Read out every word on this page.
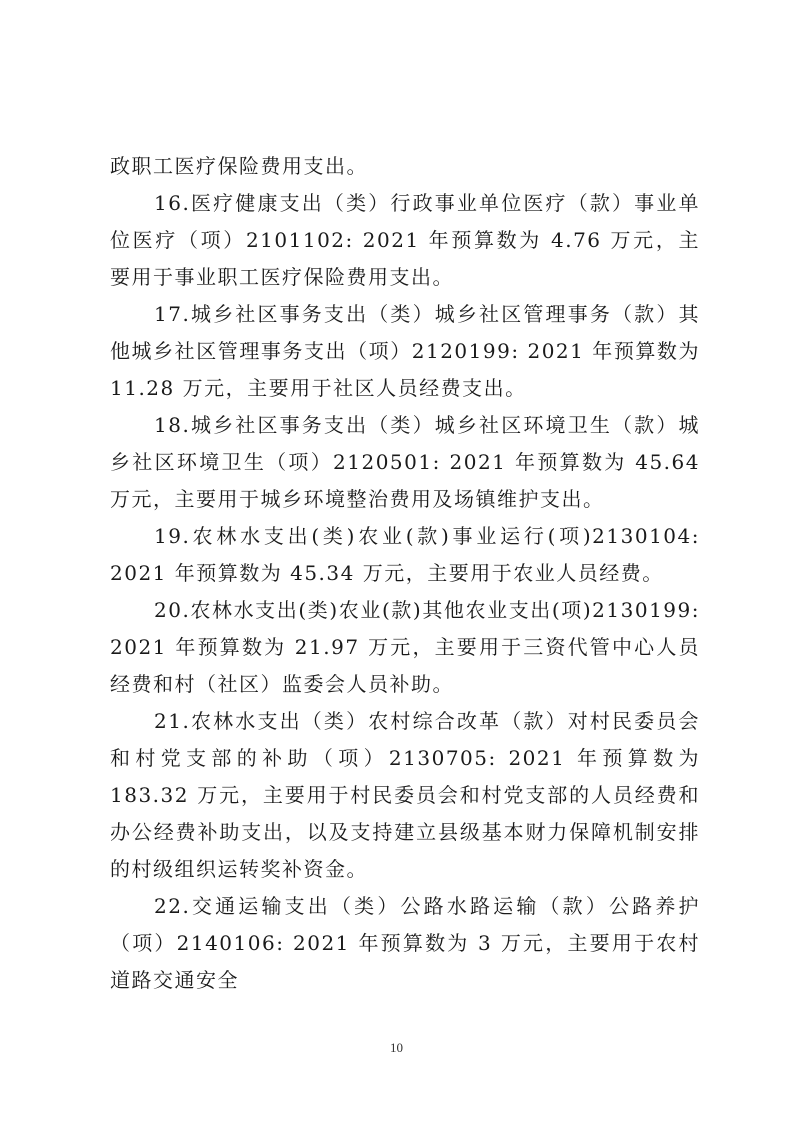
政职工医疗保险费用支出。

16.医疗健康支出（类）行政事业单位医疗（款）事业单位医疗（项）2101102: 2021 年预算数为 4.76 万元，主要用于事业职工医疗保险费用支出。

17.城乡社区事务支出（类）城乡社区管理事务（款）其他城乡社区管理事务支出（项）2120199: 2021 年预算数为 11.28 万元，主要用于社区人员经费支出。

18.城乡社区事务支出（类）城乡社区环境卫生（款）城乡社区环境卫生（项）2120501: 2021 年预算数为 45.64 万元，主要用于城乡环境整治费用及场镇维护支出。

19.农林水支出(类)农业(款)事业运行(项)2130104: 2021 年预算数为 45.34 万元，主要用于农业人员经费。

20.农林水支出(类)农业(款)其他农业支出(项)2130199: 2021 年预算数为 21.97 万元，主要用于三资代管中心人员经费和村（社区）监委会人员补助。

21.农林水支出（类）农村综合改革（款）对村民委员会和村党支部的补助（项）2130705: 2021 年预算数为 183.32 万元，主要用于村民委员会和村党支部的人员经费和办公经费补助支出，以及支持建立县级基本财力保障机制安排的村级组织运转奖补资金。

22.交通运输支出（类）公路水路运输（款）公路养护（项）2140106: 2021 年预算数为 3 万元，主要用于农村道路交通安全

10
